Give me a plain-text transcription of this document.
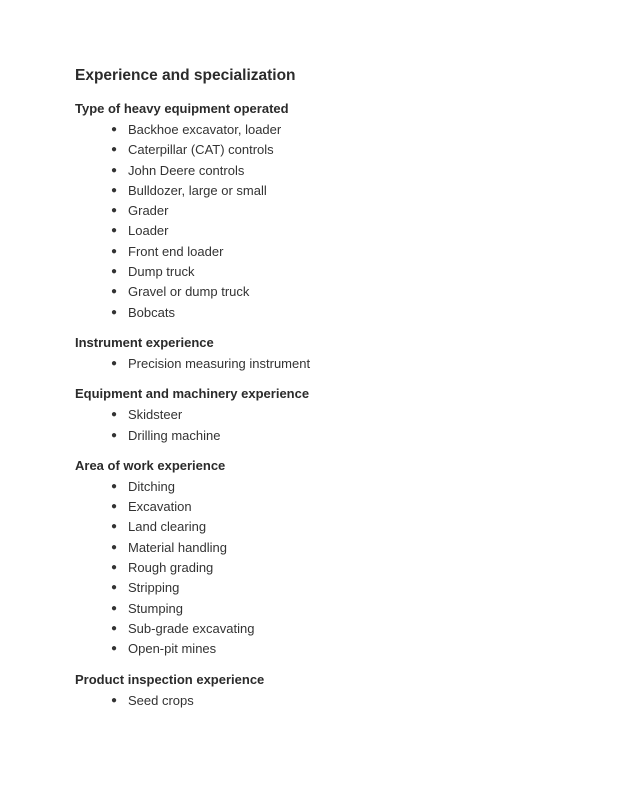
Experience and specialization
Type of heavy equipment operated
● Backhoe excavator, loader
● Caterpillar (CAT) controls
● John Deere controls
● Bulldozer, large or small
● Grader
● Loader
● Front end loader
● Dump truck
● Gravel or dump truck
● Bobcats
Instrument experience
● Precision measuring instrument
Equipment and machinery experience
● Skidsteer
● Drilling machine
Area of work experience
● Ditching
● Excavation
● Land clearing
● Material handling
● Rough grading
● Stripping
● Stumping
● Sub-grade excavating
● Open-pit mines
Product inspection experience
● Seed crops
